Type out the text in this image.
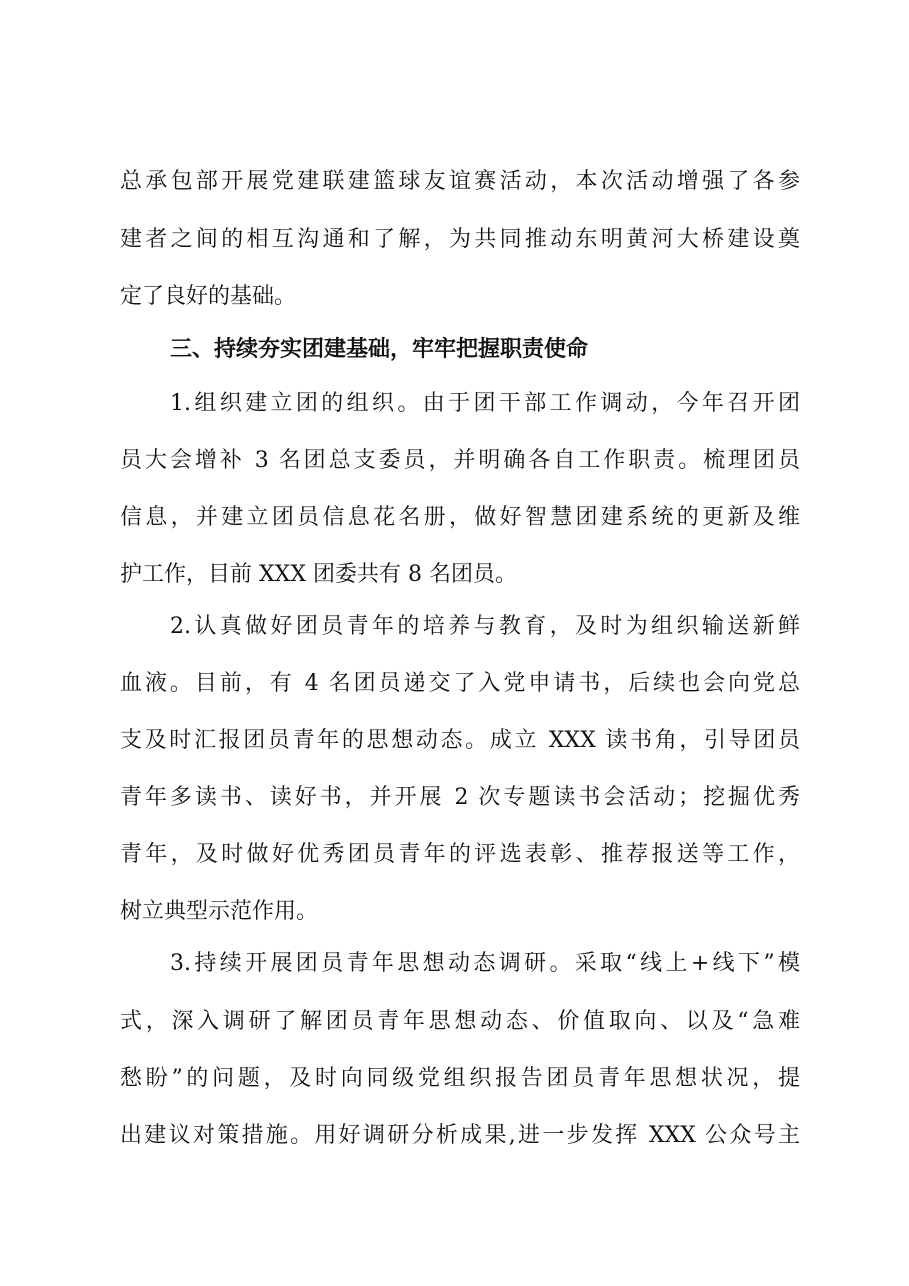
总承包部开展党建联建篮球友谊赛活动，本次活动增强了各参
建者之间的相互沟通和了解，为共同推动东明黄河大桥建设奠
定了良好的基础。
三、持续夯实团建基础，牢牢把握职责使命
1.组织建立团的组织。由于团干部工作调动，今年召开团
员大会增补 3 名团总支委员，并明确各自工作职责。梳理团员
信息，并建立团员信息花名册，做好智慧团建系统的更新及维
护工作，目前 XXX 团委共有 8 名团员。
2.认真做好团员青年的培养与教育，及时为组织输送新鲜
血液。目前，有 4 名团员递交了入党申请书，后续也会向党总
支及时汇报团员青年的思想动态。成立 XXX 读书角，引导团员
青年多读书、读好书，并开展 2 次专题读书会活动；挖掘优秀
青年，及时做好优秀团员青年的评选表彰、推荐报送等工作，
树立典型示范作用。
3.持续开展团员青年思想动态调研。采取“线上+线下”模
式，深入调研了解团员青年思想动态、价值取向、以及“急难
愁盼”的问题，及时向同级党组织报告团员青年思想状况，提
出建议对策措施。用好调研分析成果,进一步发挥 XXX 公众号主
